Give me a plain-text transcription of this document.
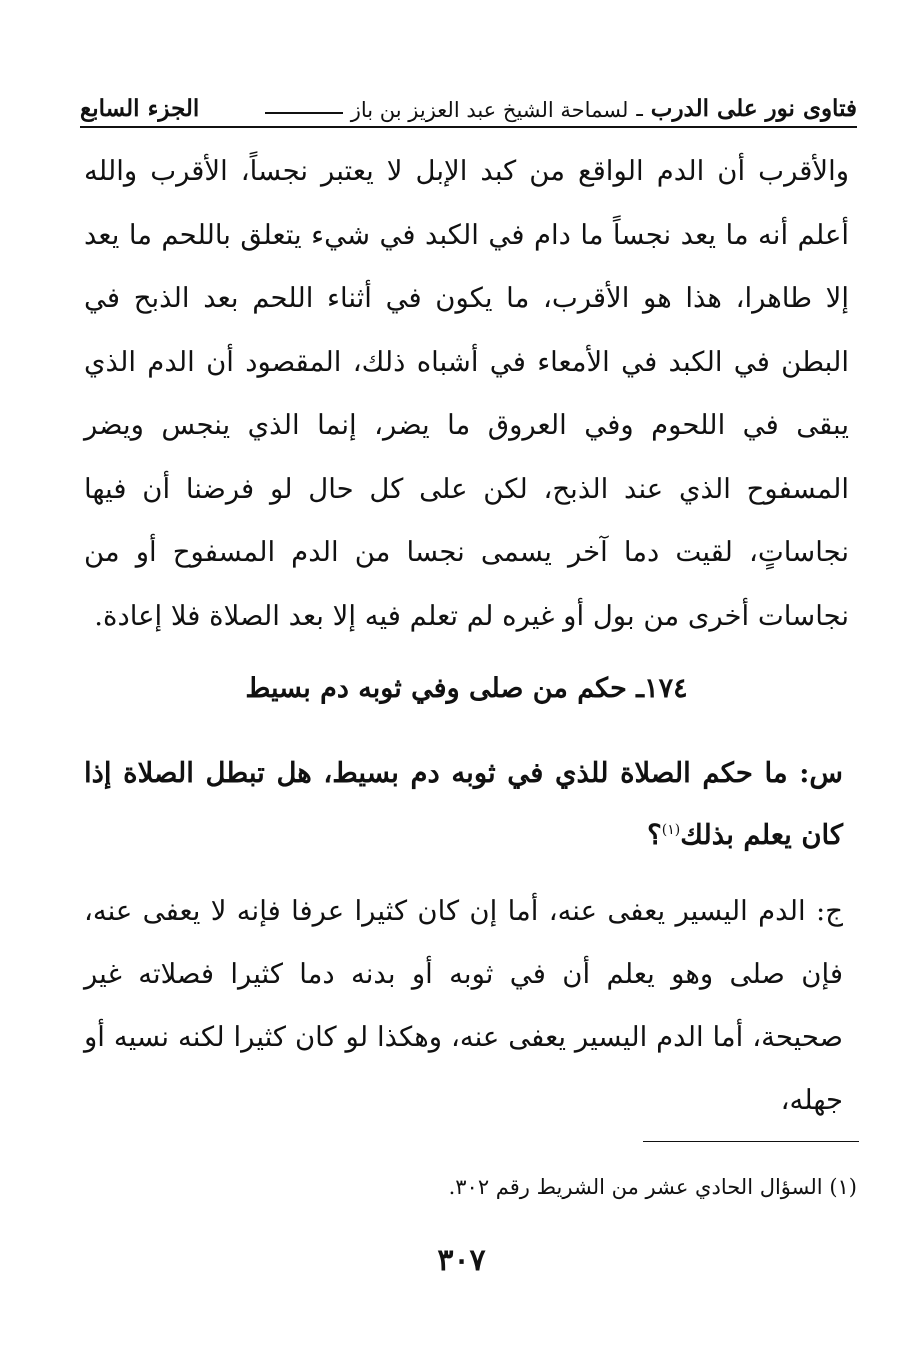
فتاوى نور على الدرب
ـ
لسماحة الشيخ عبد العزيز بن باز
الجزء السابع

والأقرب أن الدم الواقع من كبد الإبل لا يعتبر نجساً، الأقرب والله أعلم أنه ما يعد نجساً ما دام في الكبد في شيء يتعلق باللحم ما يعد إلا طاهرا، هذا هو الأقرب، ما يكون في أثناء اللحم بعد الذبح في البطن في الكبد في الأمعاء في أشباه ذلك، المقصود أن الدم الذي يبقى في اللحوم وفي العروق ما يضر، إنما الذي ينجس ويضر المسفوح الذي عند الذبح، لكن على كل حال لو فرضنا أن فيها نجاساتٍ، لقيت دما آخر يسمى نجسا من الدم المسفوح أو من نجاسات أخرى من بول أو غيره لم تعلم فيه إلا بعد الصلاة فلا إعادة.

١٧٤ـ حكم من صلى وفي ثوبه دم بسيط
س: ما حكم الصلاة للذي في ثوبه دم بسيط، هل تبطل الصلاة إذا كان يعلم بذلك$^{(١)}$؟
ج: الدم اليسير يعفى عنه، أما إن كان كثيرا عرفا فإنه لا يعفى عنه، فإن صلى وهو يعلم أن في ثوبه أو بدنه دما كثيرا فصلاته غير صحيحة، أما الدم اليسير يعفى عنه، وهكذا لو كان كثيرا لكنه نسيه أو جهله،
(١) السؤال الحادي عشر من الشريط رقم ٣٠٢.
٣٠٧
